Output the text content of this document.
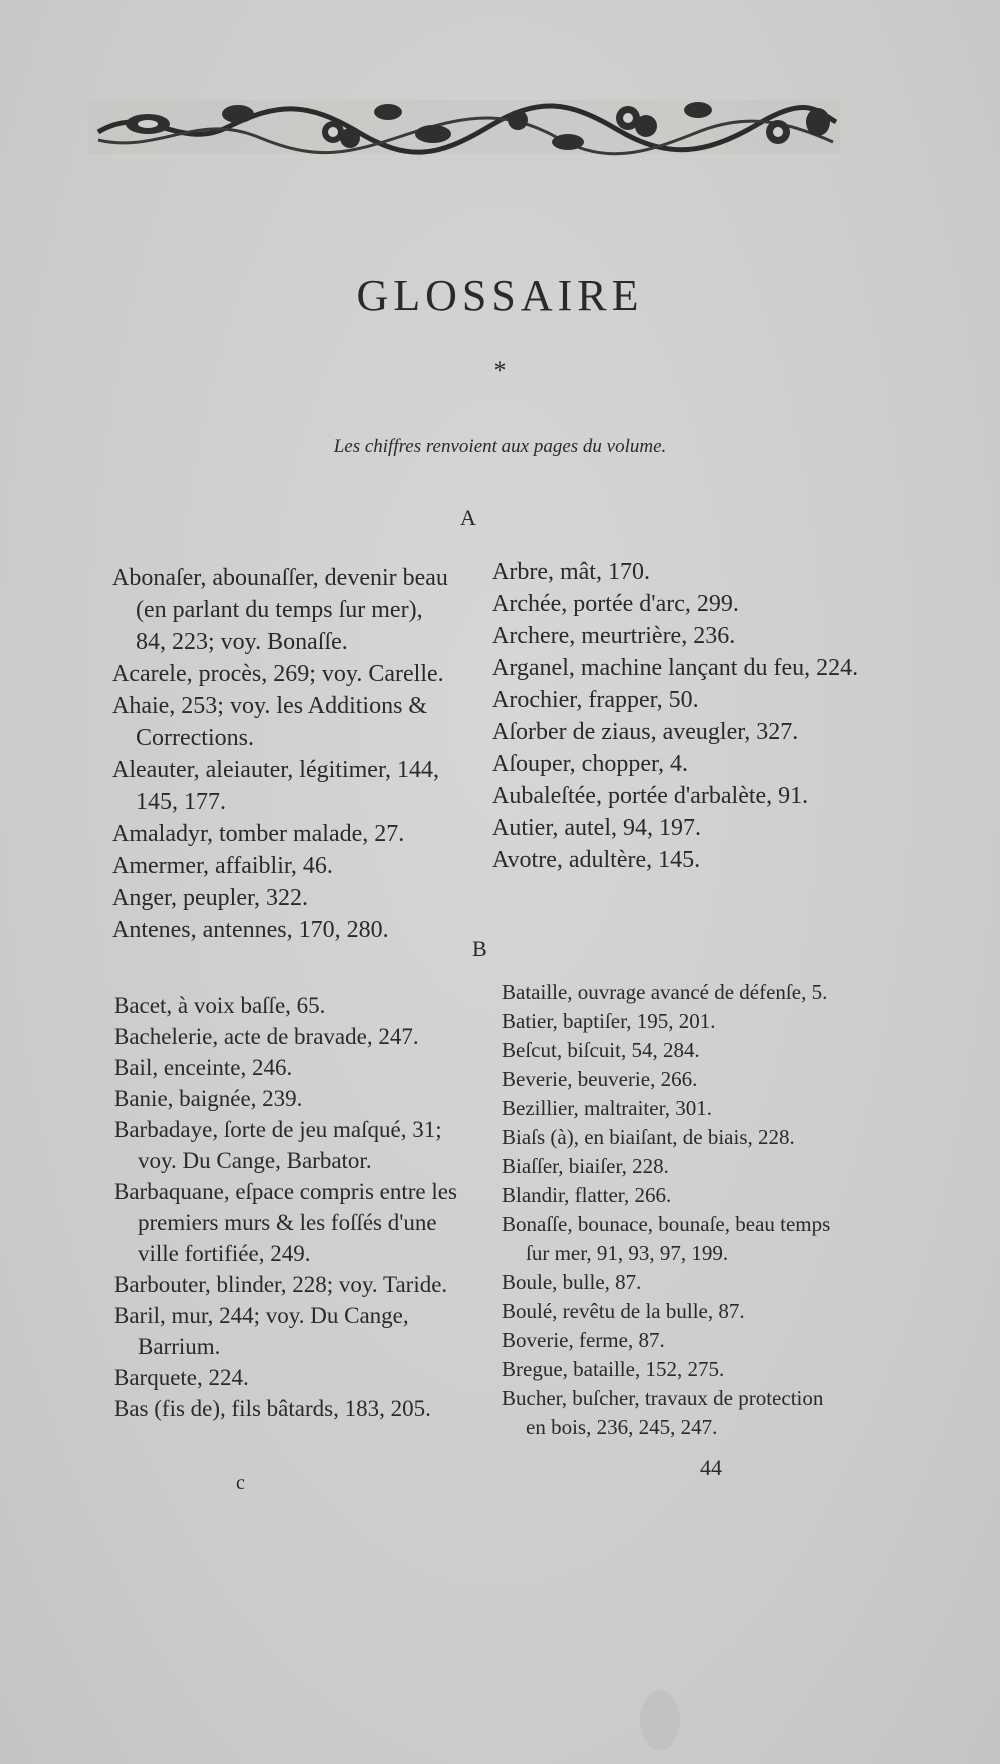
GLOSSAIRE
*
Les chiffres renvoient aux pages du volume.
A
Abonaſer, abounaſſer, devenir beau (en parlant du temps ſur mer), 84, 223; voy. Bonaſſe.
Acarele, procès, 269; voy. Carelle.
Ahaie, 253; voy. les Additions & Corrections.
Aleauter, aleiauter, légitimer, 144, 145, 177.
Amaladyr, tomber malade, 27.
Amermer, affaiblir, 46.
Anger, peupler, 322.
Antenes, antennes, 170, 280.
Arbre, mât, 170.
Archée, portée d'arc, 299.
Archere, meurtrière, 236.
Arganel, machine lançant du feu, 224.
Arochier, frapper, 50.
Aſorber de ziaus, aveugler, 327.
Aſouper, chopper, 4.
Aubaleſtée, portée d'arbalète, 91.
Autier, autel, 94, 197.
Avotre, adultère, 145.
B
Bacet, à voix baſſe, 65.
Bachelerie, acte de bravade, 247.
Bail, enceinte, 246.
Banie, baignée, 239.
Barbadaye, ſorte de jeu maſqué, 31; voy. Du Cange, Barbator.
Barbaquane, eſpace compris entre les premiers murs & les foſſés d'une ville fortifiée, 249.
Barbouter, blinder, 228; voy. Taride.
Baril, mur, 244; voy. Du Cange, Barrium.
Barquete, 224.
Bas (fis de), fils bâtards, 183, 205.
Bataille, ouvrage avancé de défenſe, 5.
Batier, baptiſer, 195, 201.
Beſcut, biſcuit, 54, 284.
Beverie, beuverie, 266.
Bezillier, maltraiter, 301.
Biaſs (à), en biaiſant, de biais, 228.
Biaſſer, biaiſer, 228.
Blandir, flatter, 266.
Bonaſſe, bounace, bounaſe, beau temps ſur mer, 91, 93, 97, 199.
Boule, bulle, 87.
Boulé, revêtu de la bulle, 87.
Boverie, ferme, 87.
Bregue, bataille, 152, 275.
Bucher, buſcher, travaux de protection en bois, 236, 245, 247.
c
44
